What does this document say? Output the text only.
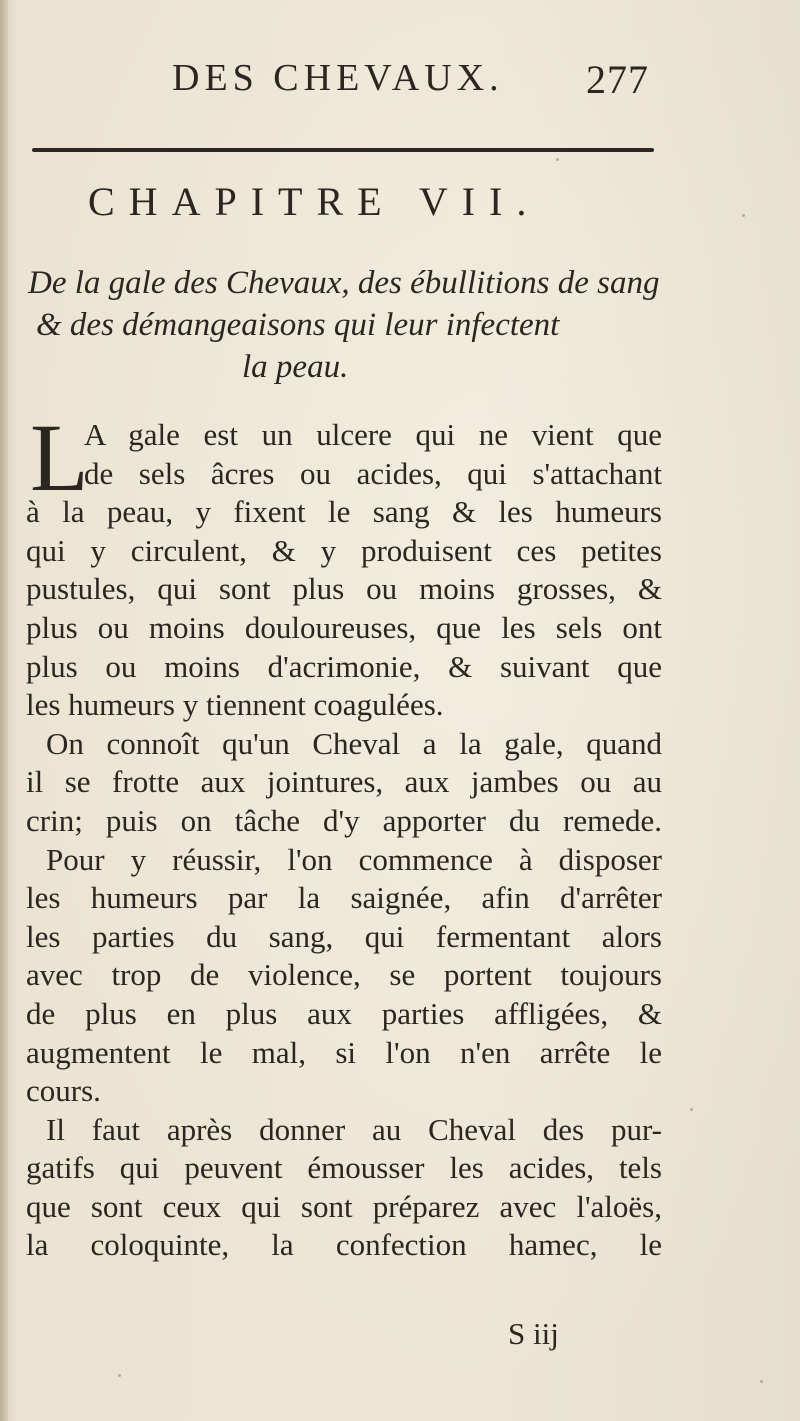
DES CHEVAUX. 277
CHAPITRE VII.
De la gale des Chevaux, des ébullitions de sang
& des démangeaisons qui leur infectent
la peau.
L
A gale est un ulcere qui ne vient que
de sels âcres ou acides, qui s'attachant
à la peau, y fixent le sang & les humeurs
qui y circulent, & y produisent ces petites
pustules, qui sont plus ou moins grosses, &
plus ou moins douloureuses, que les sels ont
plus ou moins d'acrimonie, & suivant que
les humeurs y tiennent coagulées.
On connoît qu'un Cheval a la gale, quand
il se frotte aux jointures, aux jambes ou au
crin; puis on tâche d'y apporter du remede.
Pour y réussir, l'on commence à disposer
les humeurs par la saignée, afin d'arrêter
les parties du sang, qui fermentant alors
avec trop de violence, se portent toujours
de plus en plus aux parties affligées, &
augmentent le mal, si l'on n'en arrête le
cours.
Il faut après donner au Cheval des pur-
gatifs qui peuvent émousser les acides, tels
que sont ceux qui sont préparez avec l'aloës,
la coloquinte, la confection hamec, le
S iij
